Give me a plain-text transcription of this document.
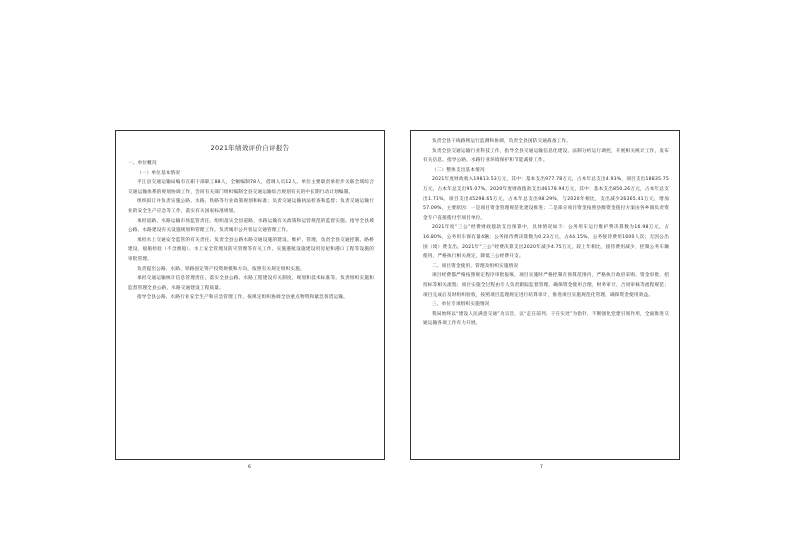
2021年绩效评价自评报告
一、单位概况
（一）单位基本情况

平江县交通运输局编有在职干部职工88人，全额编制78人，借调人员12人。单位主要职责承担步关联全域综合交通运输体系的规划协调工作，会同有关部门组织编制全县交通运输综合规划有关的中长期行动计划编制。

组织拟订并负责实施公路、水路、铁路等行业政策规划和标准；负责交通运输执法检查和监督；负责交通运输行业的安全生产应急等工作，落实有关国家标准规划。

承担道路、水路运输市场监管责任。组织落实全县道路、水路运输有关政策和运营规范的监督实施。指导全县域公路、水路建设有关设施规划和管理工作。负责城市公共客运交通管理工作。

承担水上交通安全监管的有关责任。负责全县公路水路交通设施的建设、维护、管理，负责全县交通控制、路桥建设、船舶检验（不含渔船）、水上安全管理及防灾管理等有关工作。实施港航设施建设用房屋和港口工程等设施的审批管理。

负责提出公路、水路、铁路固定资产投资规模和方向，按照有关规定组织实施。

承担交通运输统计信息管理责任。落实全县公路、水路工程建设有关制度、规划和技术标准等。负责组织实施和监督管理全县公路、水路交通建设工程质量。

指导全县公路、水路行业安全生产和应急管理工作，按规定组织协调全县重点物资和紧急客货运输。

6

负责全县干线路网运行监测和协调，负责全县国防交通战备工作。

负责全县交通运输行业科技工作，指导全县交通运输信息化建设、法制分析运行调控，开展相关统计工作，发布有关信息。指导公路、水路行业环境保护和节能减排工作。

（二）整体支出基本情况

2021年度财政收入19813.53万元，其中：基本支出977.78万元，占本年总支出4.93%，项目支出18835.75万元，占本年总支出95.07%。2020年度财政拨款支出46178.94万元，其中：基本支出850.26万元，占本年总支出1.71%，项目支出45298.65万元，占本年总支出98.29%，与2020年相比，支出减少26365.41万元，增加57.09%，主要原因：一是项目资金管理规范化建设推进；二是部分项目资金按照县级资金拨付方案由各乡镇负责资金专户直接拨付至项目单位。

2021年度“三公”经费财政拨款支出预算中，具体情况如下：公务用车运行维护费决算数为16.98万元，占16.80%，公务用车保有量4辆；公务接待费决算数为0.23万元，占44.15%，公务接待费用1600人次；无因公出国（境）费支出。2021年“三公”经费决算支出2020年减少4.75万元，较上年相比，接待费用减少，控制公务车辆使用，严格执行相关规定，降低三公经费开支。

二、项目资金使用、管理及组织实施情况

项目经费都严格按照规定程序审批报账，项目实施时严格控制在预算范围内，严格执行政府采购、资金审批、招投标等相关流程；项目实施全过程由专人负责跟踪监督管理，确保资金使用合理，财务审计、合同审核等流程规范；项目完成后及时组织验收，按照项目监理规定进行结算审计，推进项目实施规范化管理，确保资金使用效益。

三、单位专项组织实施情况

我局始终以“建设人民满意交通”为宗旨，以“走在前列，干在实处”为指针，不断强化党建引领作用，全面推进交通运输各项工作有力开展。

7
